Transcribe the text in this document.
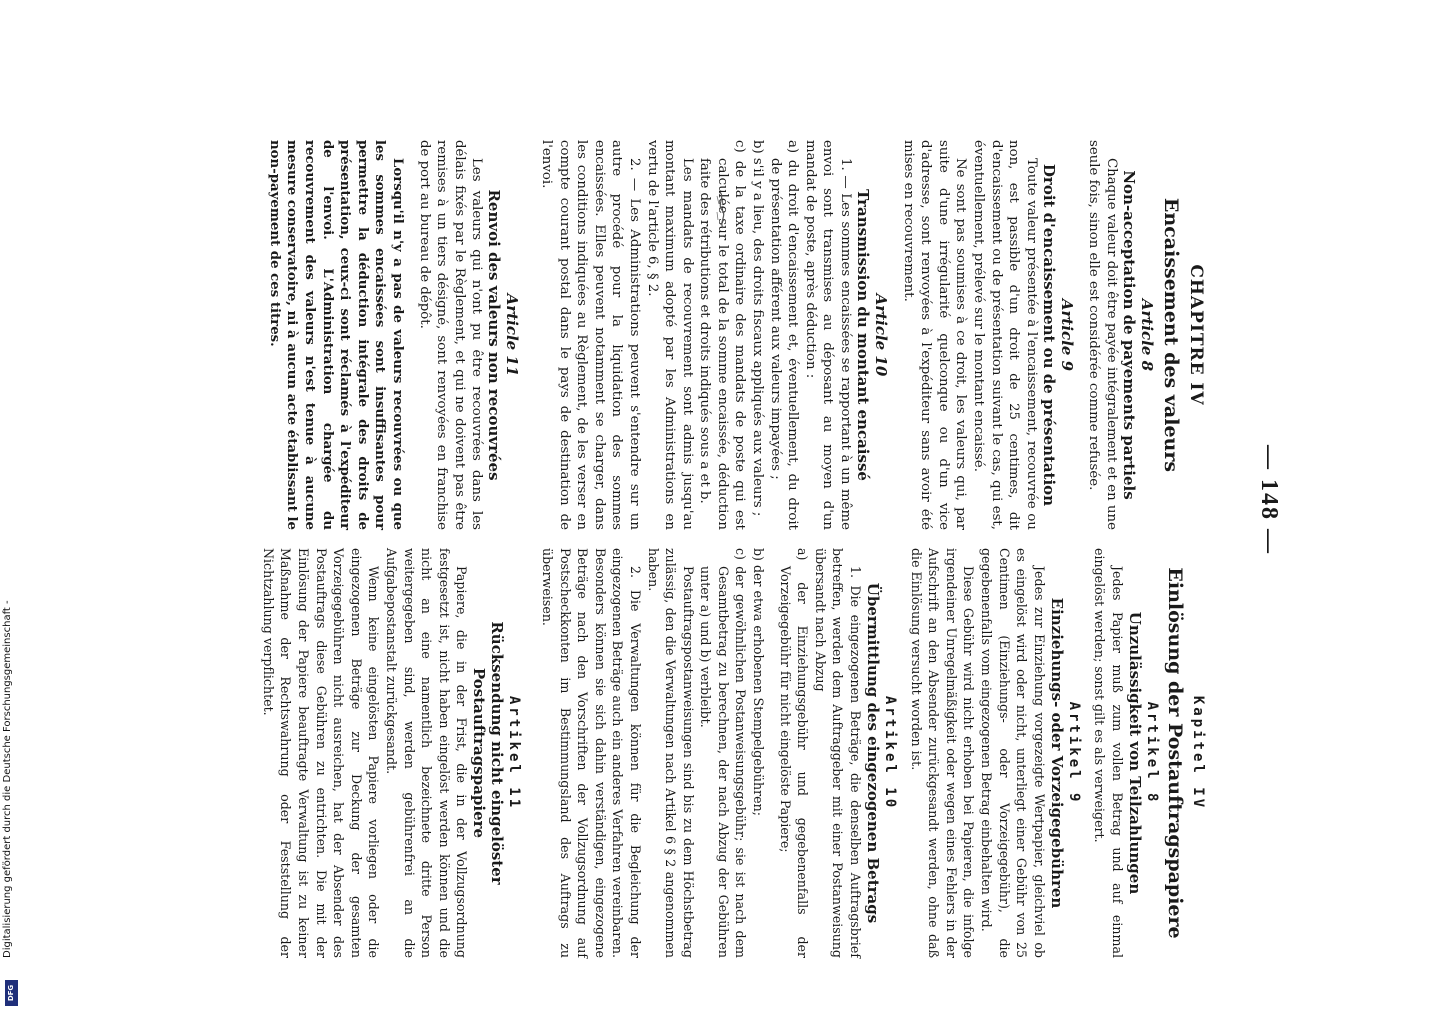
— 148 —
CHAPITRE IV
Encaissement des valeurs
Article 8
Non-acceptation de payements partiels

Chaque valeur doit être payée intégralement et en une seule fois, sinon elle est considérée comme refusée.

Article 9
Droit d'encaissement ou de présentation

Toute valeur présentée à l'encaissement, recouvrée ou non, est passible d'un droit de 25 centimes, dit d'encaissement ou de présentation suivant le cas, qui est, éventuellement, prélevé sur le montant encaissé.

Ne sont pas soumises à ce droit, les valeurs qui, par suite d'une irrégularité quelconque ou d'un vice d'adresse, sont renvoyées à l'expéditeur sans avoir été mises en recouvrement.

Article 10
Transmission du montant encaissé

1. — Les sommes encaissées se rapportant à un même envoi sont transmises au déposant au moyen d'un mandat de poste, après déduction :

a) du droit d'encaissement et, éventuellement, du droit de présentation afférent aux valeurs impayées ;

b) s'il y a lieu, des droits fiscaux appliqués aux valeurs ;

c) de la taxe ordinaire des mandats de poste qui est calculée sur le total de la somme encaissée, déduction faite des rétributions et droits indiqués sous a et b.

Les mandats de recouvrement sont admis jusqu'au montant maximum adopté par les Administrations en vertu de l'article 6, § 2.

2. — Les Administrations peuvent s'entendre sur un autre procédé pour la liquidation des sommes encaissées. Elles peuvent notamment se charger, dans les conditions indiquées au Règlement, de les verser en compte courant postal dans le pays de destination de l'envoi.

Article 11
Renvoi des valeurs non recouvrées

Les valeurs qui n'ont pu être recouvrées dans les délais fixés par le Règlement, et qui ne doivent pas être remises à un tiers désigné, sont renvoyées en franchise de port au bureau de dépôt.

Lorsqu'il n'y a pas de valeurs recouvrées ou que les sommes encaissées sont insuffisantes pour permettre la déduction intégrale des droits de présentation, ceux-ci sont réclamés à l'expéditeur de l'envoi. L'Administration chargée du recouvrement des valeurs n'est tenue à aucune mesure conservatoire, ni à aucun acte établissant le non-payement de ces titres.

Kapitel IV
Einlösung der Postauftragspapiere
Artikel 8
Unzulässigkeit von Teilzahlungen

Jedes Papier muß zum vollen Betrag und auf einmal eingelöst werden; sonst gilt es als verweigert.

Artikel 9
Einziehungs- oder Vorzeigegebühren

Jedes zur Einziehung vorgezeigte Wertpapier, gleichviel ob es eingelöst wird oder nicht, unterliegt einer Gebühr von 25 Centimen (Einziehungs- oder Vorzeigegebühr), die gegebenenfalls vom eingezogenen Betrag einbehalten wird.

Diese Gebühr wird nicht erhoben bei Papieren, die infolge irgendeiner Unregelmäßigkeit oder wegen eines Fehlers in der Aufschrift an den Absender zurückgesandt werden, ohne daß die Einlösung versucht worden ist.

Artikel 10
Übermittlung des eingezogenen Betrags

1. Die eingezogenen Beträge, die denselben Auftragsbrief betreffen, werden dem Auftraggeber mit einer Postanweisung übersandt nach Abzug

a) der Einziehungsgebühr und gegebenenfalls der Vorzeigegebühr für nicht eingelöste Papiere;

b) der etwa erhobenen Stempelgebühren;

c) der gewöhnlichen Postanweisungsgebühr; sie ist nach dem Gesamtbetrag zu berechnen, der nach Abzug der Gebühren unter a) und b) verbleibt.

Postauftragspostanweisungen sind bis zu dem Höchstbetrag zulässig, den die Verwaltungen nach Artikel 6 § 2 angenommen haben.

2. Die Verwaltungen können für die Begleichung der eingezogenen Beträge auch ein anderes Verfahren vereinbaren. Besonders können sie sich dahin verständigen, eingezogene Beträge nach den Vorschriften der Vollzugsordnung auf Postscheckkonten im Bestimmungsland des Auftrags zu überweisen.

Artikel 11
Rücksendung nicht eingelöster Postauftragspapiere

Papiere, die in der Frist, die in der Vollzugsordnung festgesetzt ist, nicht haben eingelöst werden können und die nicht an eine namentlich bezeichnete dritte Person weitergegeben sind, werden gebührenfrei an die Aufgabepostanstalt zurückgesandt.

Wenn keine eingelösten Papiere vorliegen oder die eingezogenen Beträge zur Deckung der gesamten Vorzeigegebühren nicht ausreichen, hat der Absender des Postauftrags diese Gebühren zu entrichten. Die mit der Einlösung der Papiere beauftragte Verwaltung ist zu keiner Maßnahme der Rechtswahrung oder Feststellung der Nichtzahlung verpflichtet.

DFG
Digitalisierung gefördert durch die Deutsche Forschungsgemeinschaft -
